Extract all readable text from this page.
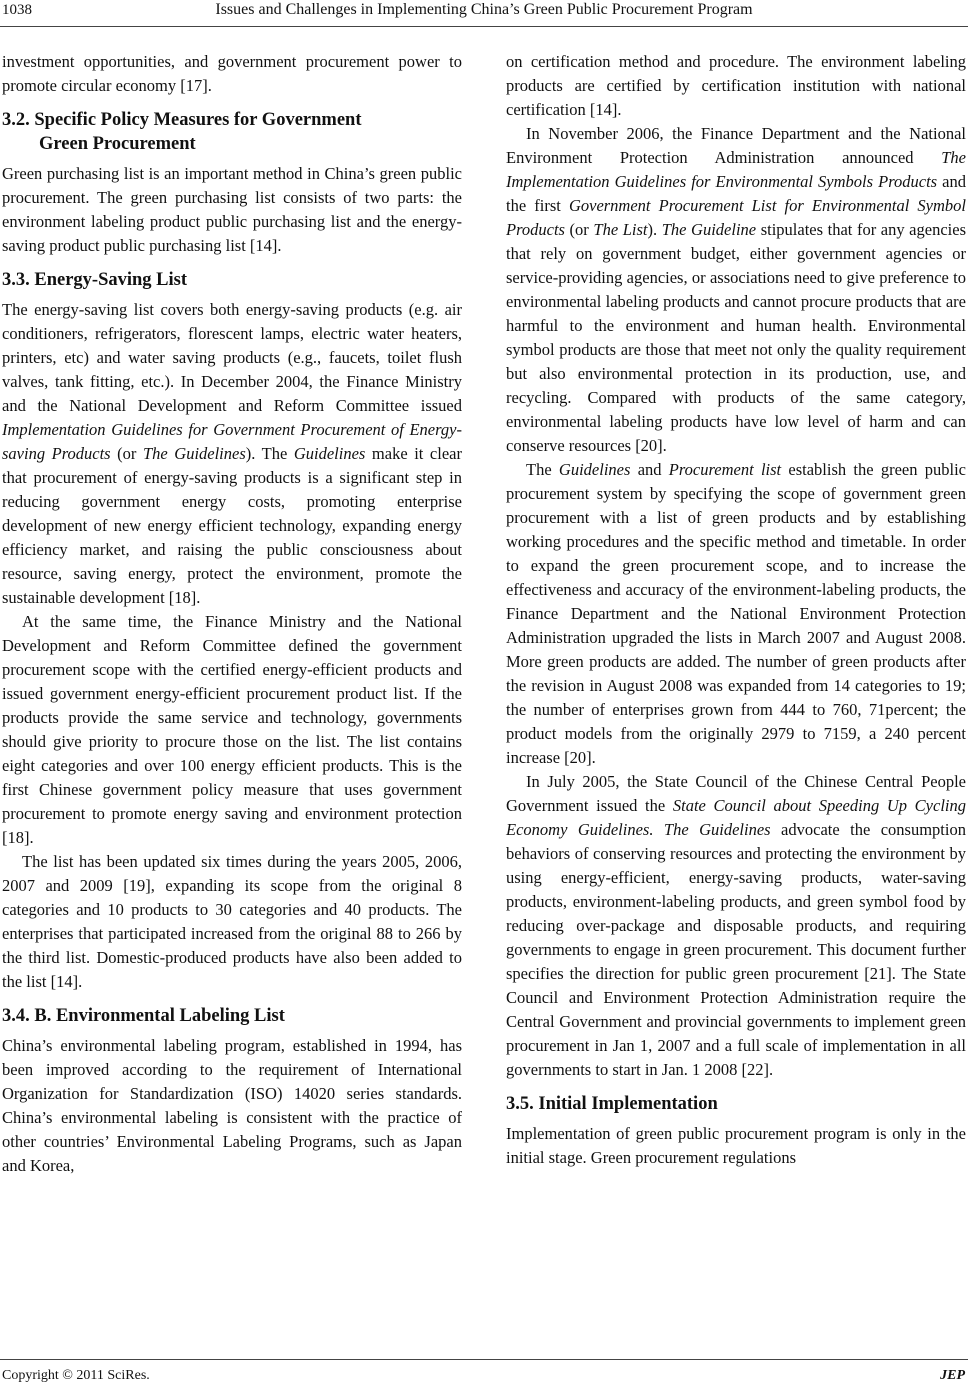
1038	Issues and Challenges in Implementing China’s Green Public Procurement Program

investment opportunities, and government procurement power to promote circular economy [17].

3.2. Specific Policy Measures for Government
Green Procurement

Green purchasing list is an important method in China’s green public procurement. The green purchasing list consists of two parts: the environment labeling product public purchasing list and the energy-saving product public purchasing list [14].

3.3. Energy-Saving List

The energy-saving list covers both energy-saving products (e.g. air conditioners, refrigerators, florescent lamps, electric water heaters, printers, etc) and water saving products (e.g., faucets, toilet flush valves, tank fitting, etc.). In December 2004, the Finance Ministry and the National Development and Reform Committee issued Implementation Guidelines for Government Procurement of Energy-saving Products (or The Guidelines). The Guidelines make it clear that procurement of energy-saving products is a significant step in reducing government energy costs, promoting enterprise development of new energy efficient technology, expanding energy efficiency market, and raising the public consciousness about resource, saving energy, protect the environment, promote the sustainable development [18].

At the same time, the Finance Ministry and the National Development and Reform Committee defined the government procurement scope with the certified energy-efficient products and issued government energy-efficient procurement product list. If the products provide the same service and technology, governments should give priority to procure those on the list. The list contains eight categories and over 100 energy efficient products. This is the first Chinese government policy measure that uses government procurement to promote energy saving and environment protection [18].

The list has been updated six times during the years 2005, 2006, 2007 and 2009 [19], expanding its scope from the original 8 categories and 10 products to 30 categories and 40 products. The enterprises that participated increased from the original 88 to 266 by the third list. Domestic-produced products have also been added to the list [14].

3.4. B. Environmental Labeling List

China’s environmental labeling program, established in 1994, has been improved according to the requirement of International Organization for Standardization (ISO) 14020 series standards. China’s environmental labeling is consistent with the practice of other countries’ Environmental Labeling Programs, such as Japan and Korea,

on certification method and procedure. The environment labeling products are certified by certification institution with national certification [14].

In November 2006, the Finance Department and the National Environment Protection Administration announced The Implementation Guidelines for Environmental Symbols Products and the first Government Procurement List for Environmental Symbol Products (or The List). The Guideline stipulates that for any agencies that rely on government budget, either government agencies or service-providing agencies, or associations need to give preference to environmental labeling products and cannot procure products that are harmful to the environment and human health. Environmental symbol products are those that meet not only the quality requirement but also environmental protection in its production, use, and recycling. Compared with products of the same category, environmental labeling products have low level of harm and can conserve resources [20].

The Guidelines and Procurement list establish the green public procurement system by specifying the scope of government green procurement with a list of green products and by establishing working procedures and the specific method and timetable. In order to expand the green procurement scope, and to increase the effectiveness and accuracy of the environment-labeling products, the Finance Department and the National Environment Protection Administration upgraded the lists in March 2007 and August 2008. More green products are added. The number of green products after the revision in August 2008 was expanded from 14 categories to 19; the number of enterprises grown from 444 to 760, 71percent; the product models from the originally 2979 to 7159, a 240 percent increase [20].

In July 2005, the State Council of the Chinese Central People Government issued the State Council about Speeding Up Cycling Economy Guidelines. The Guidelines advocate the consumption behaviors of conserving resources and protecting the environment by using energy-efficient, energy-saving products, water-saving products, environment-labeling products, and green symbol food by reducing over-package and disposable products, and requiring governments to engage in green procurement. This document further specifies the direction for public green procurement [21]. The State Council and Environment Protection Administration require the Central Government and provincial governments to implement green procurement in Jan 1, 2007 and a full scale of implementation in all governments to start in Jan. 1 2008 [22].

3.5. Initial Implementation

Implementation of green public procurement program is only in the initial stage. Green procurement regulations

Copyright © 2011 SciRes.	JEP
